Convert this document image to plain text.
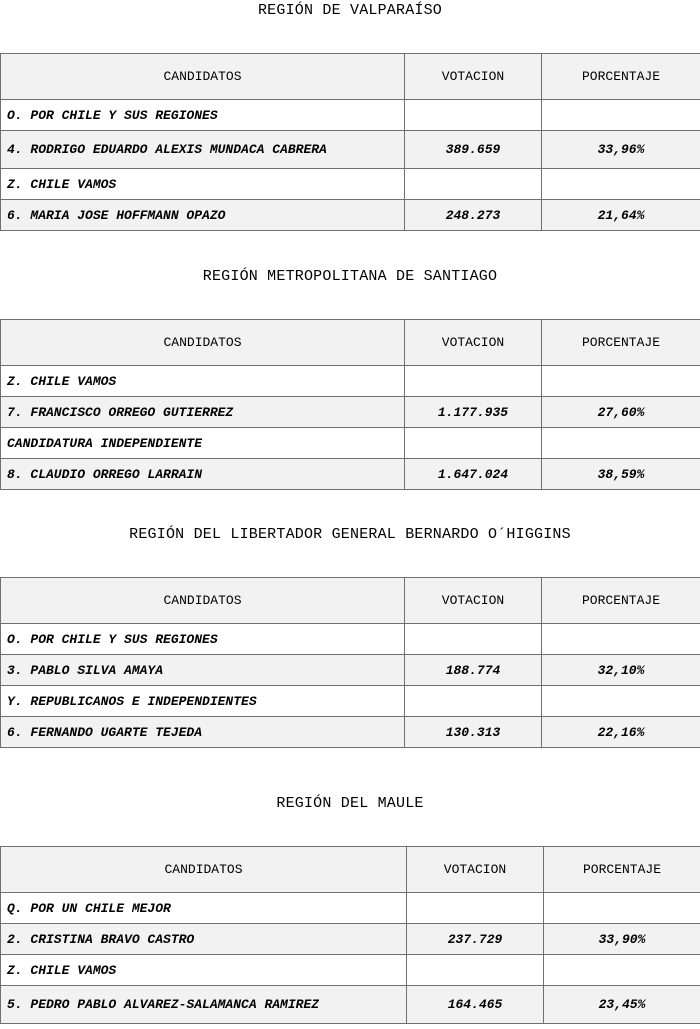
REGIÓN DE VALPARAÍSO
CANDIDATOS	VOTACION	PORCENTAJE
O. POR CHILE Y SUS REGIONES		
4. RODRIGO EDUARDO ALEXIS MUNDACA CABRERA	389.659	33,96%
Z. CHILE VAMOS		
6. MARIA JOSE HOFFMANN OPAZO	248.273	21,64%
REGIÓN METROPOLITANA DE SANTIAGO
CANDIDATOS	VOTACION	PORCENTAJE
Z. CHILE VAMOS		
7. FRANCISCO ORREGO GUTIERREZ	1.177.935	27,60%
CANDIDATURA INDEPENDIENTE		
8. CLAUDIO ORREGO LARRAIN	1.647.024	38,59%
REGIÓN DEL LIBERTADOR GENERAL BERNARDO O´HIGGINS
CANDIDATOS	VOTACION	PORCENTAJE
O. POR CHILE Y SUS REGIONES		
3. PABLO SILVA AMAYA	188.774	32,10%
Y. REPUBLICANOS E INDEPENDIENTES		
6. FERNANDO UGARTE TEJEDA	130.313	22,16%
REGIÓN DEL MAULE
CANDIDATOS	VOTACION	PORCENTAJE
Q. POR UN CHILE MEJOR		
2. CRISTINA BRAVO CASTRO	237.729	33,90%
Z. CHILE VAMOS		
5. PEDRO PABLO ALVAREZ-SALAMANCA RAMIREZ	164.465	23,45%
